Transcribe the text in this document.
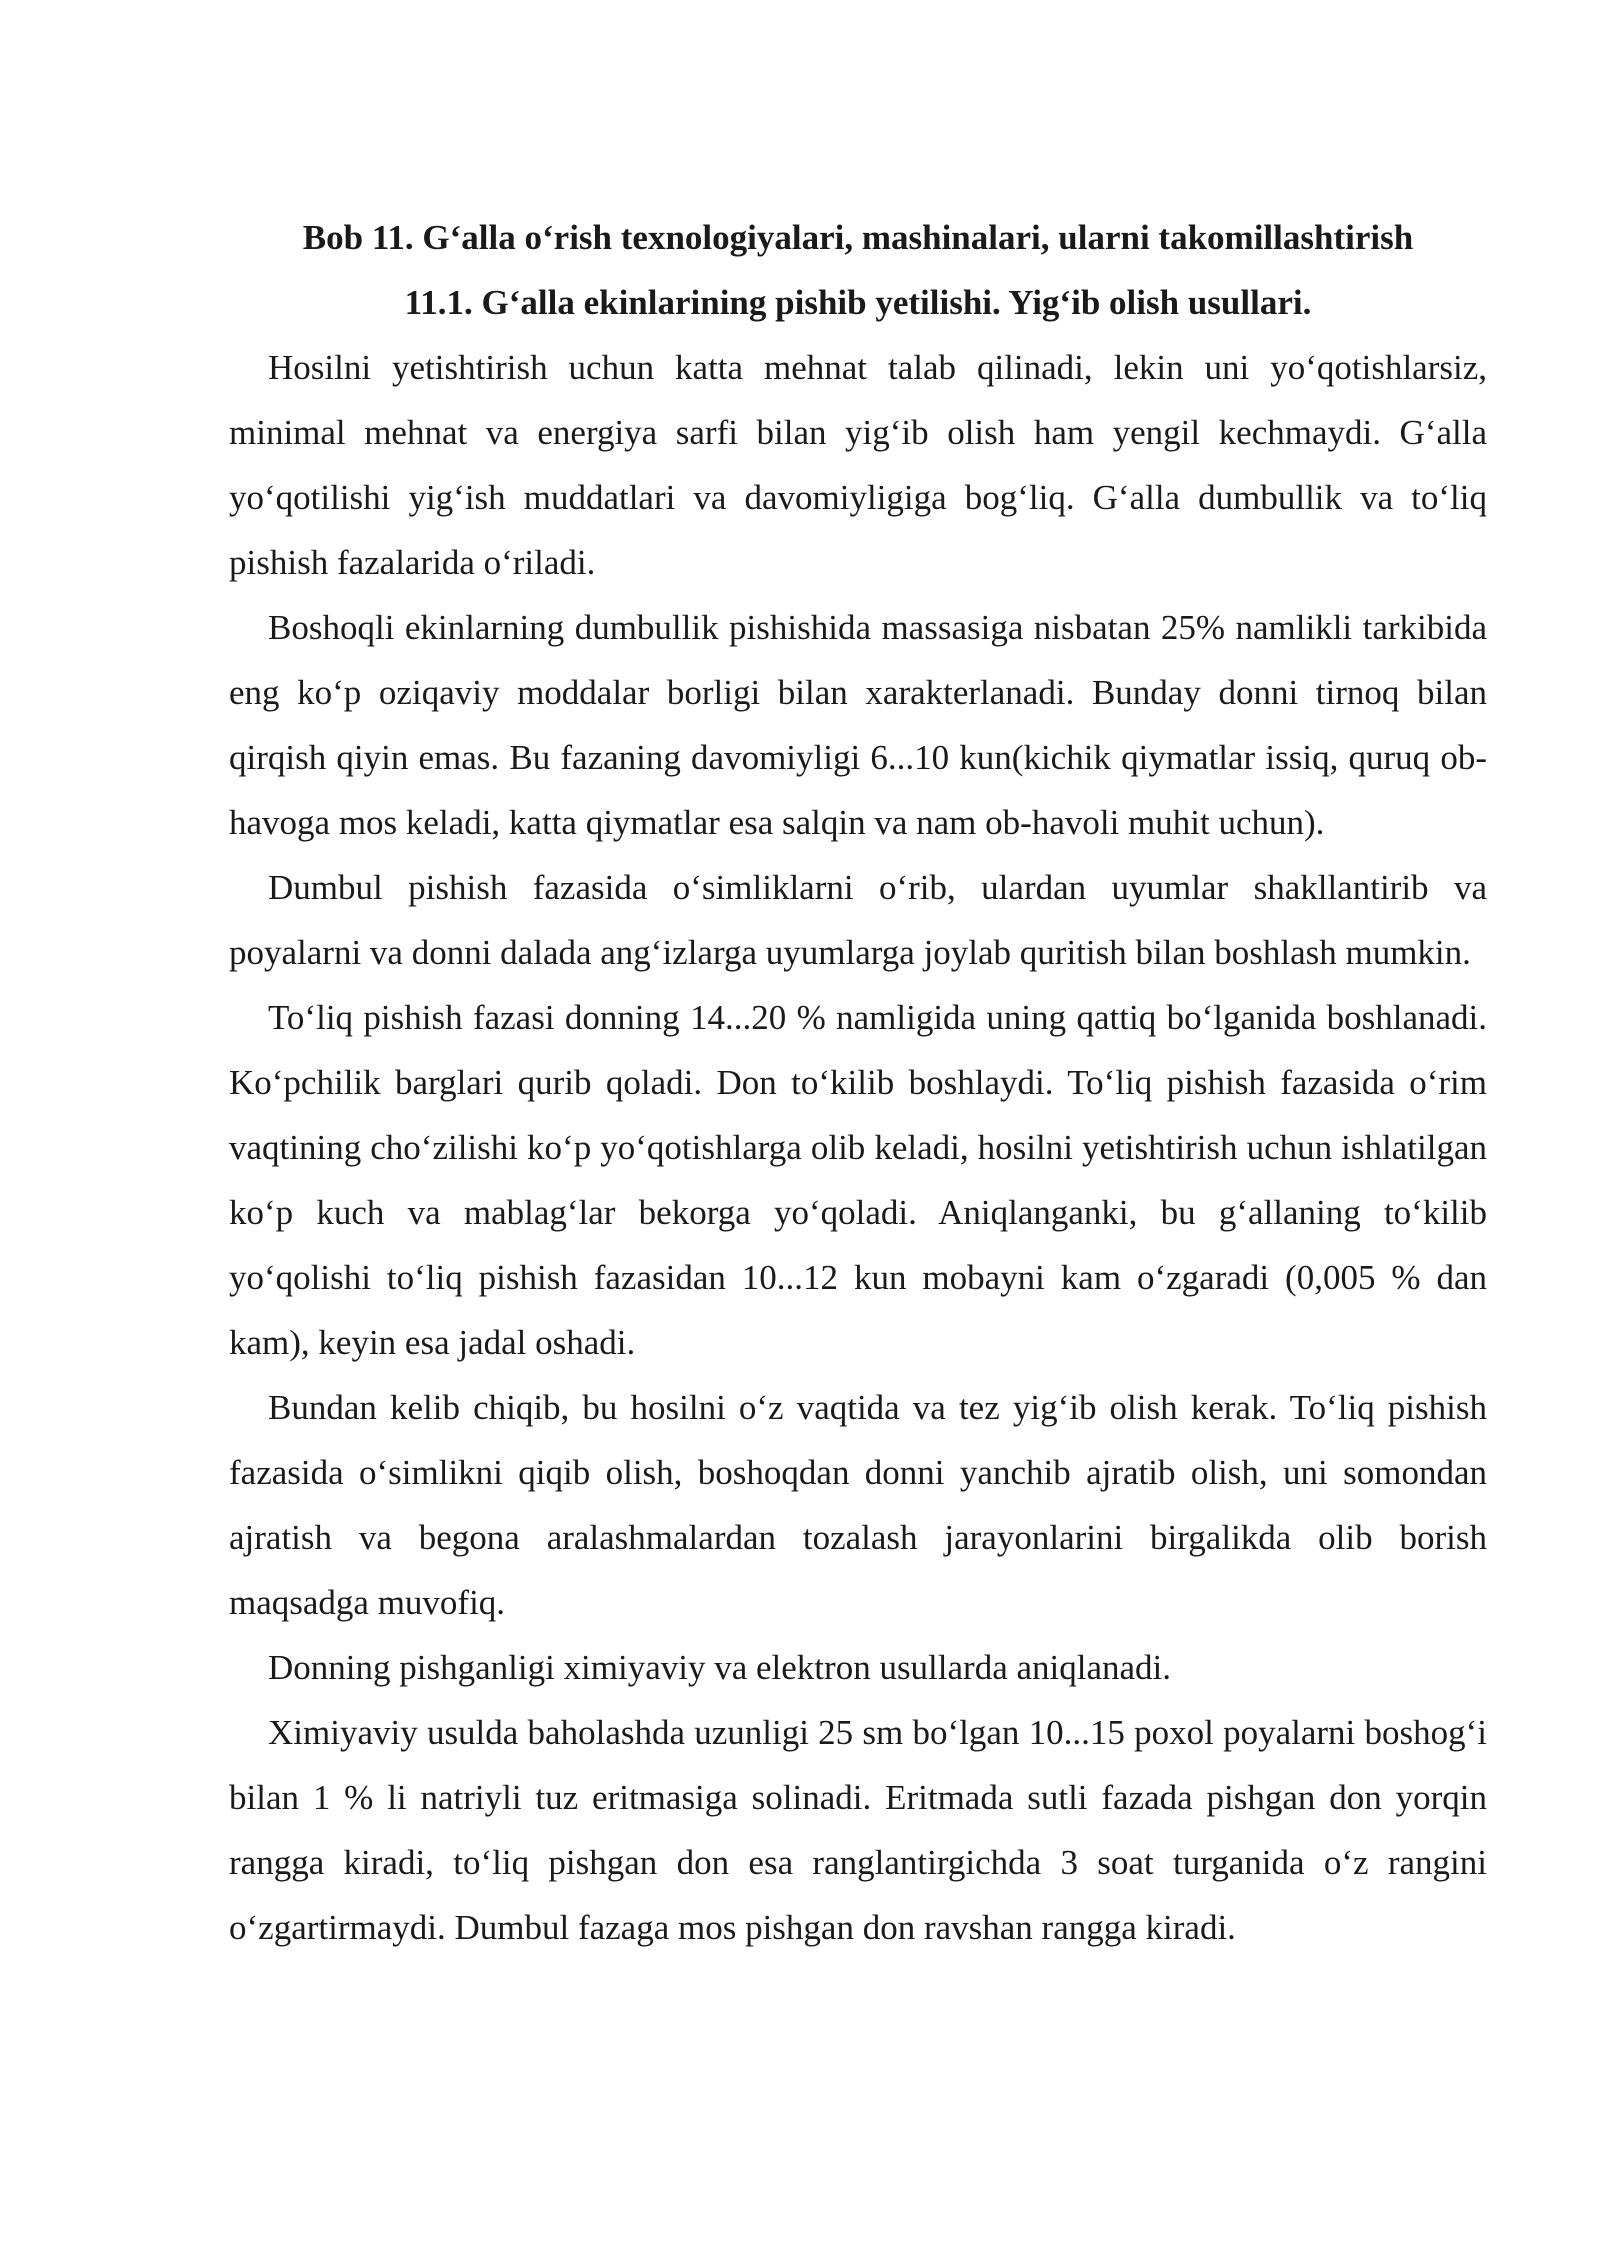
Bob 11. G‘alla o‘rish texnologiyalari, mashinalari, ularni takomillashtirish

11.1. G‘alla ekinlarining pishib yetilishi. Yig‘ib olish usullari.

Hosilni yetishtirish uchun katta mehnat talab qilinadi, lekin uni yo‘qotishlarsiz, minimal mehnat va energiya sarfi bilan yig‘ib olish ham yengil kechmaydi. G‘alla yo‘qotilishi yig‘ish muddatlari va davomiyligiga bog‘liq. G‘alla dumbullik va to‘liq pishish fazalarida o‘riladi.

Boshoqli ekinlarning dumbullik pishishida massasiga nisbatan 25% namlikli tarkibida eng ko‘p oziqaviy moddalar borligi bilan xarakterlanadi. Bunday donni tirnoq bilan qirqish qiyin emas. Bu fazaning davomiyligi 6...10 kun(kichik qiymatlar issiq, quruq ob-havoga mos keladi, katta qiymatlar esa salqin va nam ob-havoli muhit uchun).

Dumbul pishish fazasida o‘simliklarni o‘rib, ulardan uyumlar shakllantirib va poyalarni va donni dalada ang‘izlarga uyumlarga joylab quritish bilan boshlash mumkin.

To‘liq pishish fazasi donning 14...20 % namligida uning qattiq bo‘lganida boshlanadi. Ko‘pchilik barglari qurib qoladi. Don to‘kilib boshlaydi. To‘liq pishish fazasida o‘rim vaqtining cho‘zilishi ko‘p yo‘qotishlarga olib keladi, hosilni yetishtirish uchun ishlatilgan ko‘p kuch va mablag‘lar bekorga yo‘qoladi. Aniqlanganki, bu g‘allaning to‘kilib yo‘qolishi to‘liq pishish fazasidan 10...12 kun mobayni kam o‘zgaradi (0,005 % dan kam), keyin esa jadal oshadi.

Bundan kelib chiqib, bu hosilni o‘z vaqtida va tez yig‘ib olish kerak. To‘liq pishish fazasida o‘simlikni qiqib olish, boshoqdan donni yanchib ajratib olish, uni somondan ajratish va begona aralashmalardan tozalash jarayonlarini birgalikda olib borish maqsadga muvofiq.

Donning pishganligi ximiyaviy va elektron usullarda aniqlanadi.

Ximiyaviy usulda baholashda uzunligi 25 sm bo‘lgan 10...15 poxol poyalarni boshog‘i bilan 1 % li natriyli tuz eritmasiga solinadi. Eritmada sutli fazada pishgan don yorqin rangga kiradi, to‘liq pishgan don esa ranglantirgichda 3 soat turganida o‘z rangini o‘zgartirmaydi. Dumbul fazaga mos pishgan don ravshan rangga kiradi.
